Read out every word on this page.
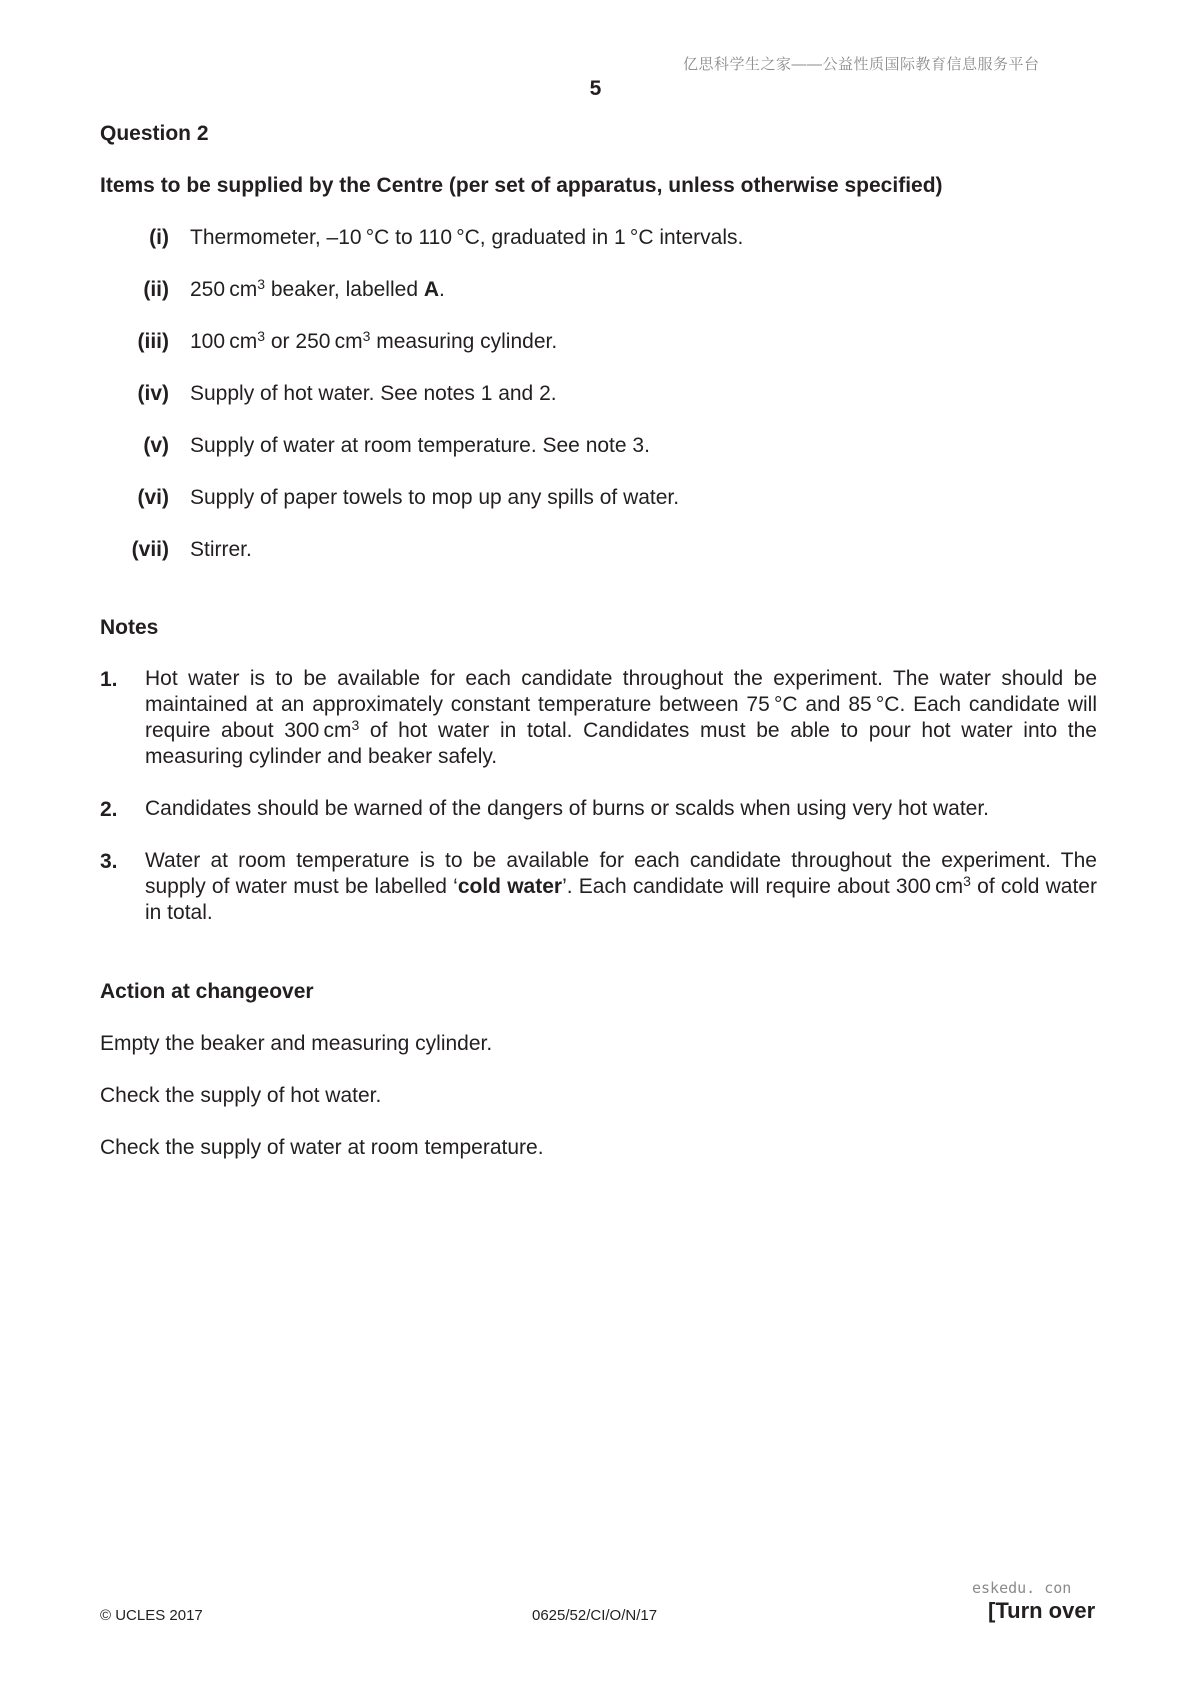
亿思科学生之家——公益性质国际教育信息服务平台
5
Question 2
Items to be supplied by the Centre (per set of apparatus, unless otherwise specified)
(i) Thermometer, –10 °C to 110 °C, graduated in 1 °C intervals.
(ii) 250 $cm^3$ beaker, labelled A.
(iii) 100 $cm^3$ or 250 $cm^3$ measuring cylinder.
(iv) Supply of hot water. See notes 1 and 2.
(v) Supply of water at room temperature. See note 3.
(vi) Supply of paper towels to mop up any spills of water.
(vii) Stirrer.
Notes
1. Hot water is to be available for each candidate throughout the experiment. The water should be maintained at an approximately constant temperature between 75 °C and 85 °C. Each candidate will require about 300 $cm^3$ of hot water in total. Candidates must be able to pour hot water into the measuring cylinder and beaker safely.
2. Candidates should be warned of the dangers of burns or scalds when using very hot water.
3. Water at room temperature is to be available for each candidate throughout the experiment. The supply of water must be labelled ‘cold water’. Each candidate will require about 300 $cm^3$ of cold water in total.
Action at changeover
Empty the beaker and measuring cylinder.
Check the supply of hot water.
Check the supply of water at room temperature.
© UCLES 2017	0625/52/CI/O/N/17
eskedu. con
[Turn over
